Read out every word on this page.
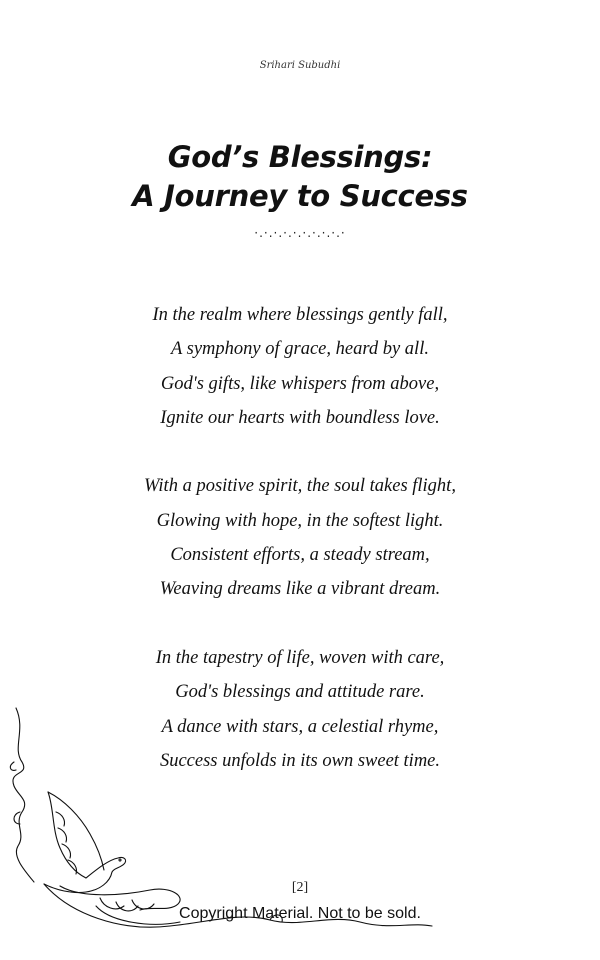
Srihari Subudhi
God’s Blessings:
A Journey to Success
·.·.·.·.·.·.·.·.·.·
In the realm where blessings gently fall,
A symphony of grace, heard by all.
God's gifts, like whispers from above,
Ignite our hearts with boundless love.
With a positive spirit, the soul takes flight,
Glowing with hope, in the softest light.
Consistent efforts, a steady stream,
Weaving dreams like a vibrant dream.
In the tapestry of life, woven with care,
God's blessings and attitude rare.
A dance with stars, a celestial rhyme,
Success unfolds in its own sweet time.
[2]
Copyright Material. Not to be sold.
